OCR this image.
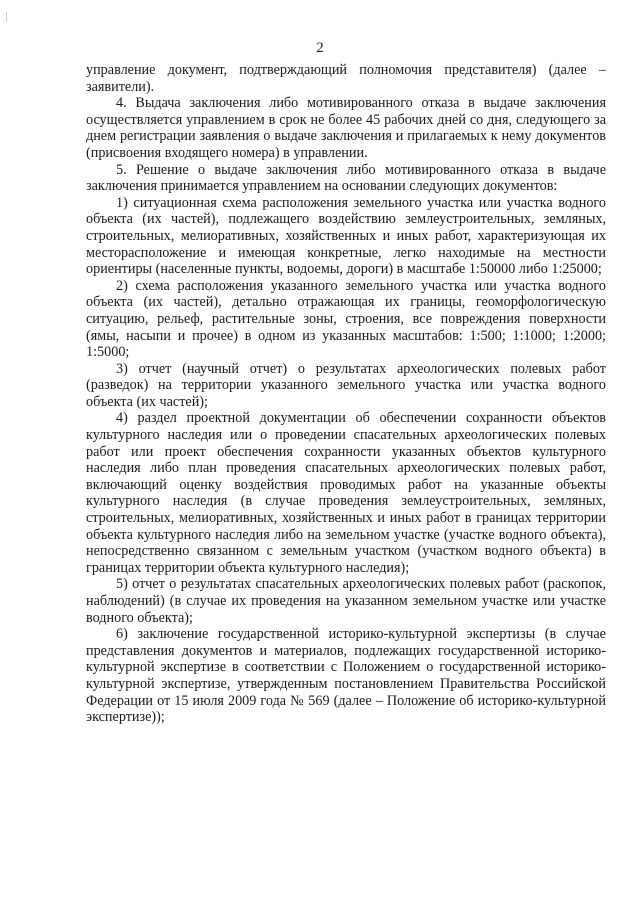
2

управление документ, подтверждающий полномочия представителя) (далее – заявители).

4. Выдача заключения либо мотивированного отказа в выдаче заключения осуществляется управлением в срок не более 45 рабочих дней со дня, следующего за днем регистрации заявления о выдаче заключения и прилагаемых к нему документов (присвоения входящего номера) в управлении.

5. Решение о выдаче заключения либо мотивированного отказа в выдаче заключения принимается управлением на основании следующих документов:

1) ситуационная схема расположения земельного участка или участка водного объекта (их частей), подлежащего воздействию землеустроительных, земляных, строительных, мелиоративных, хозяйственных и иных работ, характеризующая их месторасположение и имеющая конкретные, легко находимые на местности ориентиры (населенные пункты, водоемы, дороги) в масштабе 1:50000 либо 1:25000;

2) схема расположения указанного земельного участка или участка водного объекта (их частей), детально отражающая их границы, геоморфологическую ситуацию, рельеф, растительные зоны, строения, все повреждения поверхности (ямы, насыпи и прочее) в одном из указанных масштабов: 1:500; 1:1000; 1:2000; 1:5000;

3) отчет (научный отчет) о результатах археологических полевых работ (разведок) на территории указанного земельного участка или участка водного объекта (их частей);

4) раздел проектной документации об обеспечении сохранности объектов культурного наследия или о проведении спасательных археологических полевых работ или проект обеспечения сохранности указанных объектов культурного наследия либо план проведения спасательных археологических полевых работ, включающий оценку воздействия проводимых работ на указанные объекты культурного наследия (в случае проведения землеустроительных, земляных, строительных, мелиоративных, хозяйственных и иных работ в границах территории объекта культурного наследия либо на земельном участке (участке водного объекта), непосредственно связанном с земельным участком (участком водного объекта) в границах территории объекта культурного наследия);

5) отчет о результатах спасательных археологических полевых работ (раскопок, наблюдений) (в случае их проведения на указанном земельном участке или участке водного объекта);

6) заключение государственной историко-культурной экспертизы (в случае представления документов и материалов, подлежащих государственной историко-культурной экспертизе в соответствии с Положением о государственной историко-культурной экспертизе, утвержденным постановлением Правительства Российской Федерации от 15 июля 2009 года № 569 (далее – Положение об историко-культурной экспертизе));
